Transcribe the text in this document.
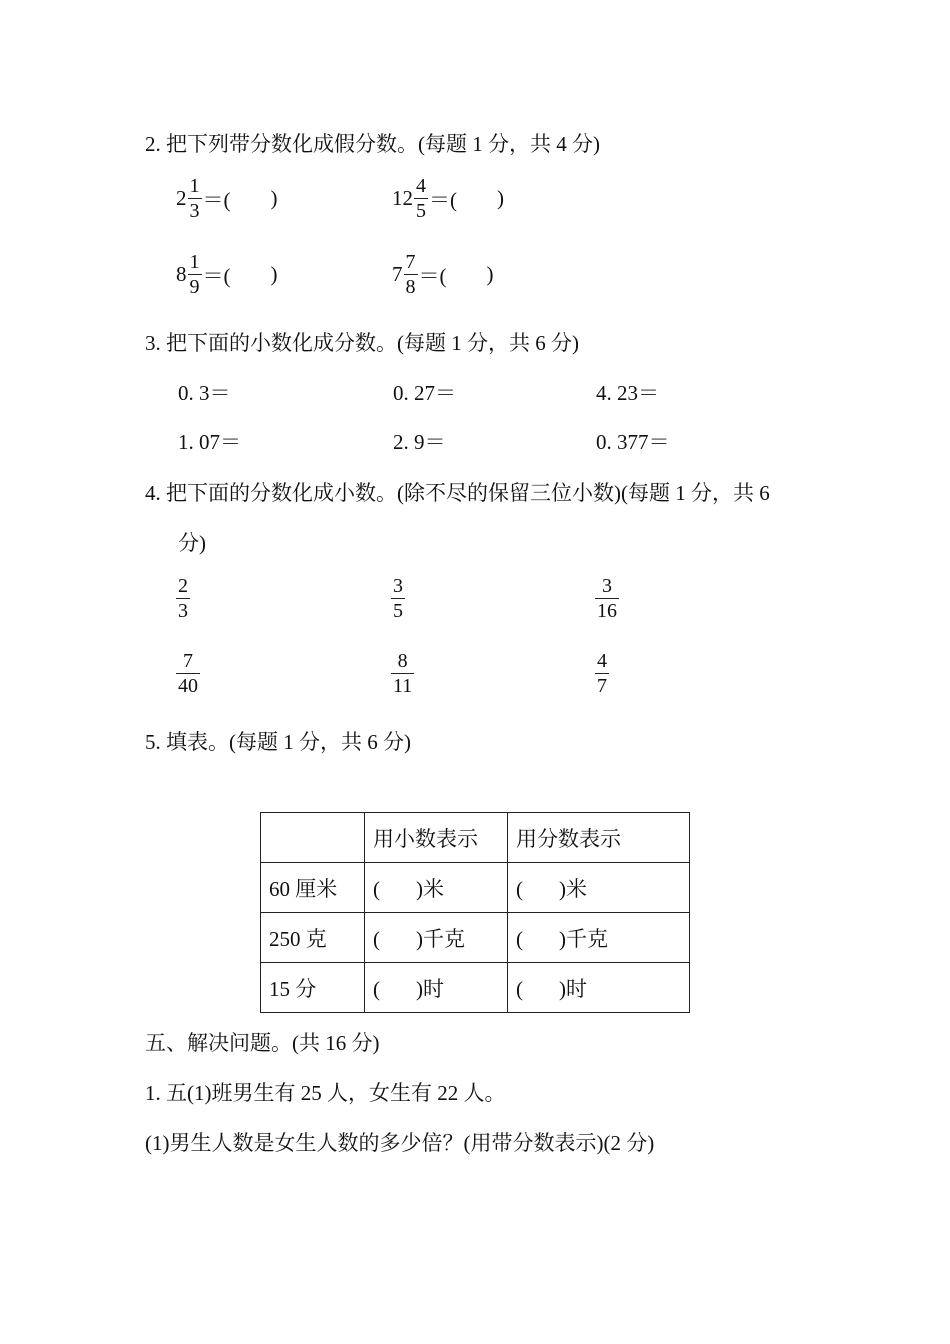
2. 把下列带分数化成假分数。(每题 1 分，共 4 分)
$2 \frac{1}{3}$ ＝( )	$12 \frac{4}{5}$ ＝( )
$8 \frac{1}{9}$ ＝( )	$7 \frac{7}{8}$ ＝( )
3. 把下面的小数化成分数。(每题 1 分，共 6 分)
0. 3＝	0. 27＝	4. 23＝
1. 07＝	2. 9＝	0. 377＝
4. 把下面的分数化成小数。(除不尽的保留三位小数)(每题 1 分，共 6
分)
$\frac{2}{3}$	$\frac{3}{5}$	$\frac{3}{16}$
$\frac{7}{40}$	$\frac{8}{11}$	$\frac{4}{7}$
5. 填表。(每题 1 分，共 6 分)
	用小数表示	用分数表示
60 厘米	( )米	( )米
250 克	( )千克	( )千克
15 分	( )时	( )时
五、解决问题。(共 16 分)
1. 五(1)班男生有 25 人，女生有 22 人。
(1)男生人数是女生人数的多少倍？(用带分数表示)(2 分)
